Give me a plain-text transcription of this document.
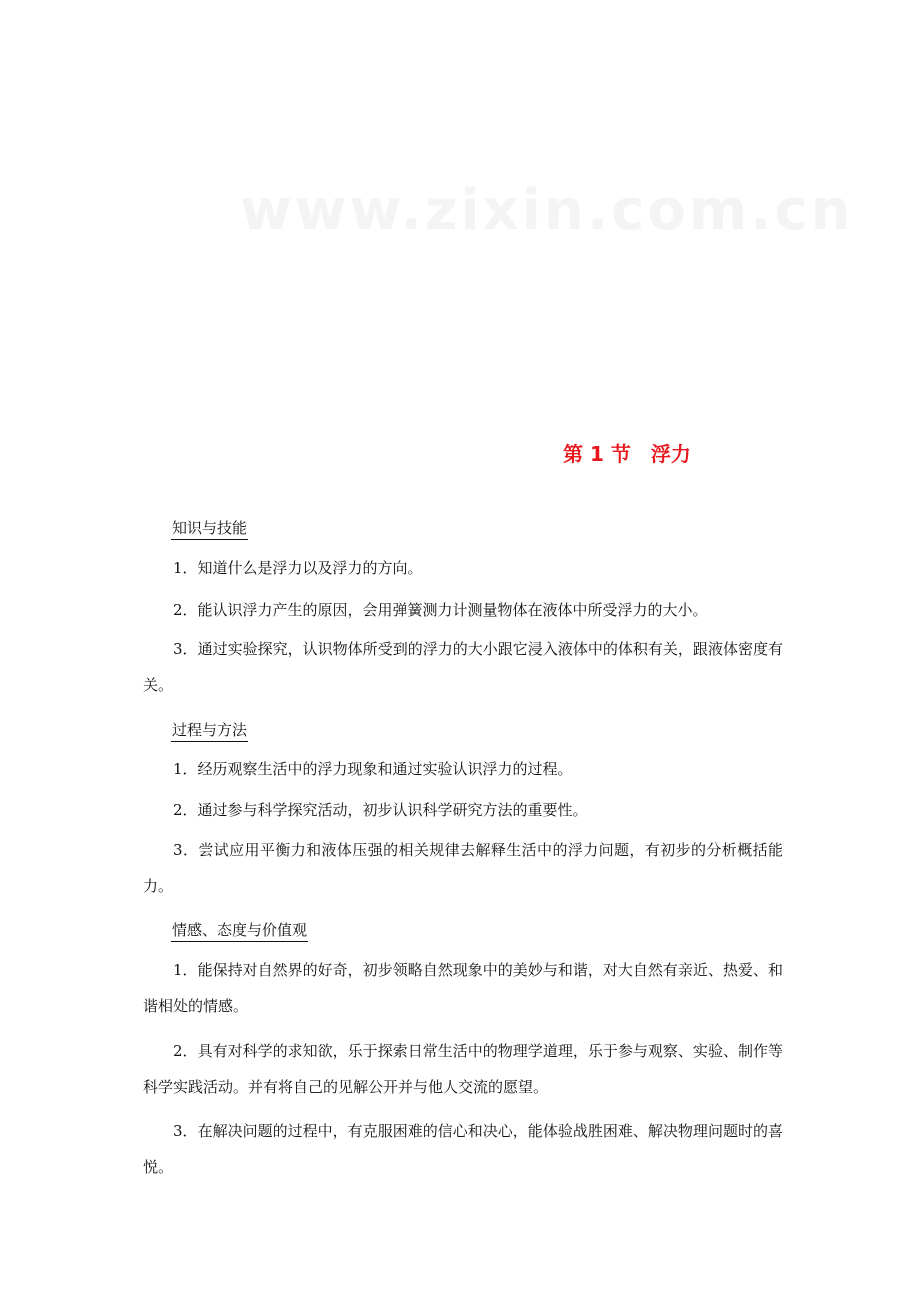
www.zixin.com.cn
第 1 节　浮力
知识与技能
1．知道什么是浮力以及浮力的方向。
2．能认识浮力产生的原因，会用弹簧测力计测量物体在液体中所受浮力的大小。
3．通过实验探究，认识物体所受到的浮力的大小跟它浸入液体中的体积有关，跟液体密度有关。
过程与方法
1．经历观察生活中的浮力现象和通过实验认识浮力的过程。
2．通过参与科学探究活动，初步认识科学研究方法的重要性。
3．尝试应用平衡力和液体压强的相关规律去解释生活中的浮力问题，有初步的分析概括能力。
情感、态度与价值观
1．能保持对自然界的好奇，初步领略自然现象中的美妙与和谐，对大自然有亲近、热爱、和谐相处的情感。
2．具有对科学的求知欲，乐于探索日常生活中的物理学道理，乐于参与观察、实验、制作等科学实践活动。并有将自己的见解公开并与他人交流的愿望。
3．在解决问题的过程中，有克服困难的信心和决心，能体验战胜困难、解决物理问题时的喜悦。
